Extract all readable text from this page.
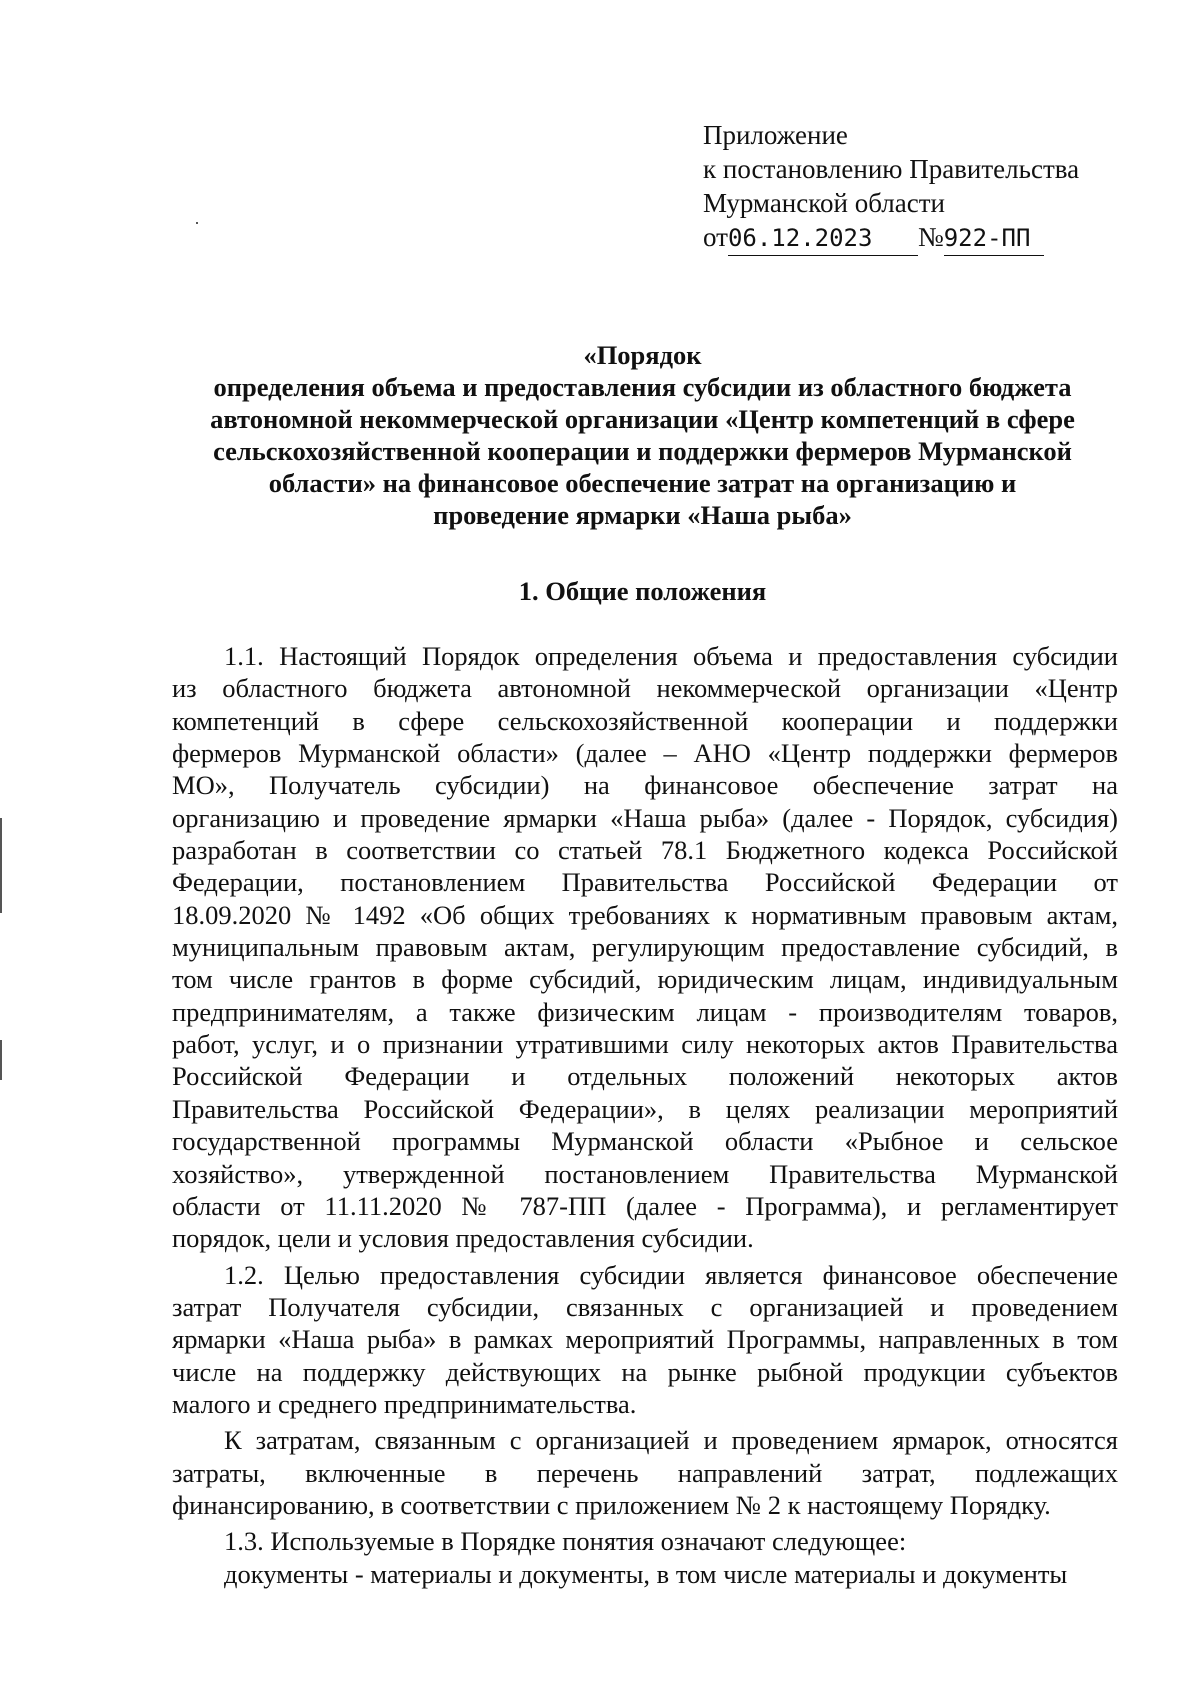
Приложение
к постановлению Правительства
Мурманской области
от06.12.2023 №922-ПП
«Порядок
определения объема и предоставления субсидии из областного бюджета
автономной некоммерческой организации «Центр компетенций в сфере
сельскохозяйственной кооперации и поддержки фермеров Мурманской
области» на финансовое обеспечение затрат на организацию и
проведение ярмарки «Наша рыба»
1. Общие положения
1.1. Настоящий Порядок определения объема и предоставления субсидии
из областного бюджета автономной некоммерческой организации «Центр
компетенций в сфере сельскохозяйственной кооперации и поддержки
фермеров Мурманской области» (далее – АНО «Центр поддержки фермеров
МО», Получатель субсидии) на финансовое обеспечение затрат на
организацию и проведение ярмарки «Наша рыба» (далее - Порядок, субсидия)
разработан в соответствии со статьей 78.1 Бюджетного кодекса Российской
Федерации, постановлением Правительства Российской Федерации от
18.09.2020 № 1492 «Об общих требованиях к нормативным правовым актам,
муниципальным правовым актам, регулирующим предоставление субсидий, в
том числе грантов в форме субсидий, юридическим лицам, индивидуальным
предпринимателям, а также физическим лицам - производителям товаров,
работ, услуг, и о признании утратившими силу некоторых актов Правительства
Российской Федерации и отдельных положений некоторых актов
Правительства Российской Федерации», в целях реализации мероприятий
государственной программы Мурманской области «Рыбное и сельское
хозяйство», утвержденной постановлением Правительства Мурманской
области от 11.11.2020 № 787-ПП (далее - Программа), и регламентирует
порядок, цели и условия предоставления субсидии.
1.2. Целью предоставления субсидии является финансовое обеспечение
затрат Получателя субсидии, связанных с организацией и проведением
ярмарки «Наша рыба» в рамках мероприятий Программы, направленных в том
числе на поддержку действующих на рынке рыбной продукции субъектов
малого и среднего предпринимательства.
К затратам, связанным с организацией и проведением ярмарок, относятся
затраты, включенные в перечень направлений затрат, подлежащих
финансированию, в соответствии с приложением № 2 к настоящему Порядку.
1.3. Используемые в Порядке понятия означают следующее:
документы - материалы и документы, в том числе материалы и документы
